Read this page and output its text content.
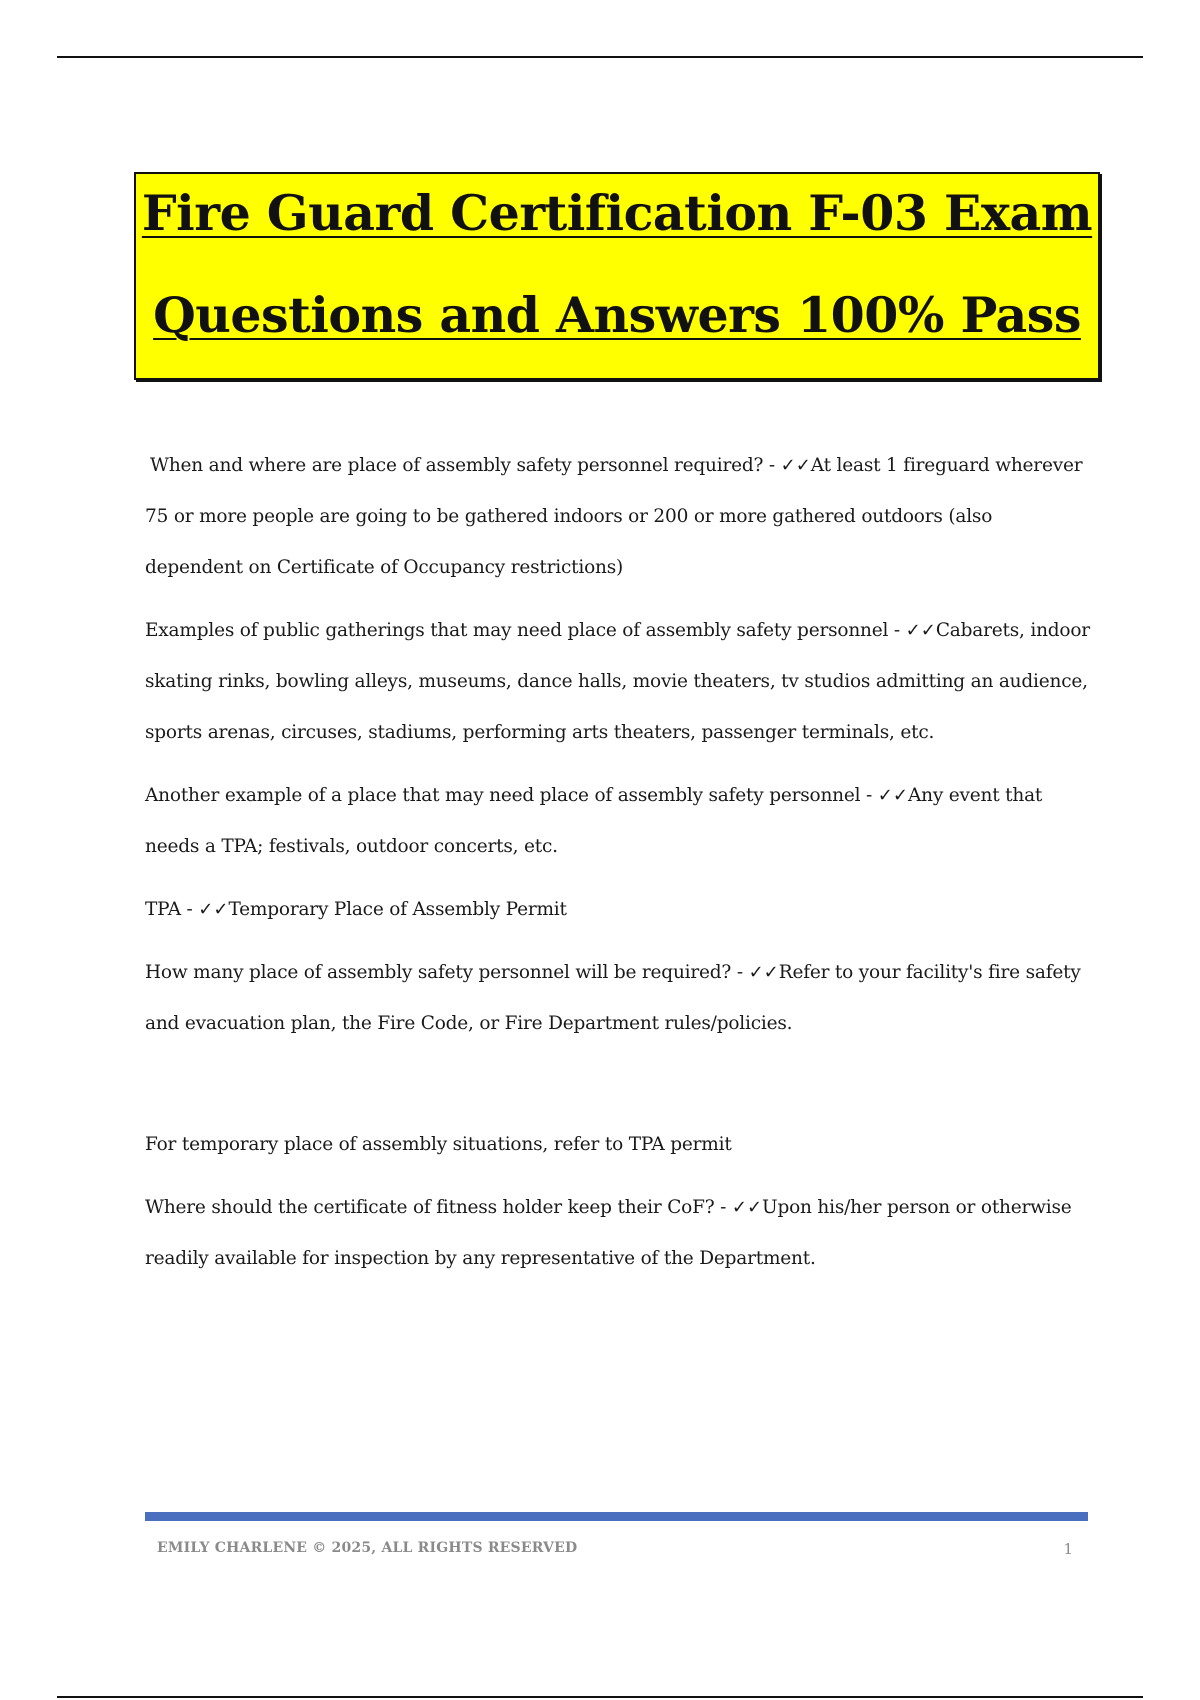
Fire Guard Certification F-03 Exam
Questions and Answers 100% Pass

When and where are place of assembly safety personnel required? - ✓✓At least 1 fireguard wherever 75 or more people are going to be gathered indoors or 200 or more gathered outdoors (also dependent on Certificate of Occupancy restrictions)

Examples of public gatherings that may need place of assembly safety personnel - ✓✓Cabarets, indoor skating rinks, bowling alleys, museums, dance halls, movie theaters, tv studios admitting an audience, sports arenas, circuses, stadiums, performing arts theaters, passenger terminals, etc.

Another example of a place that may need place of assembly safety personnel - ✓✓Any event that needs a TPA; festivals, outdoor concerts, etc.

TPA - ✓✓Temporary Place of Assembly Permit

How many place of assembly safety personnel will be required? - ✓✓Refer to your facility's fire safety and evacuation plan, the Fire Code, or Fire Department rules/policies.

For temporary place of assembly situations, refer to TPA permit

Where should the certificate of fitness holder keep their CoF? - ✓✓Upon his/her person or otherwise readily available for inspection by any representative of the Department.

EMILY CHARLENE © 2025, ALL RIGHTS RESERVED	1
